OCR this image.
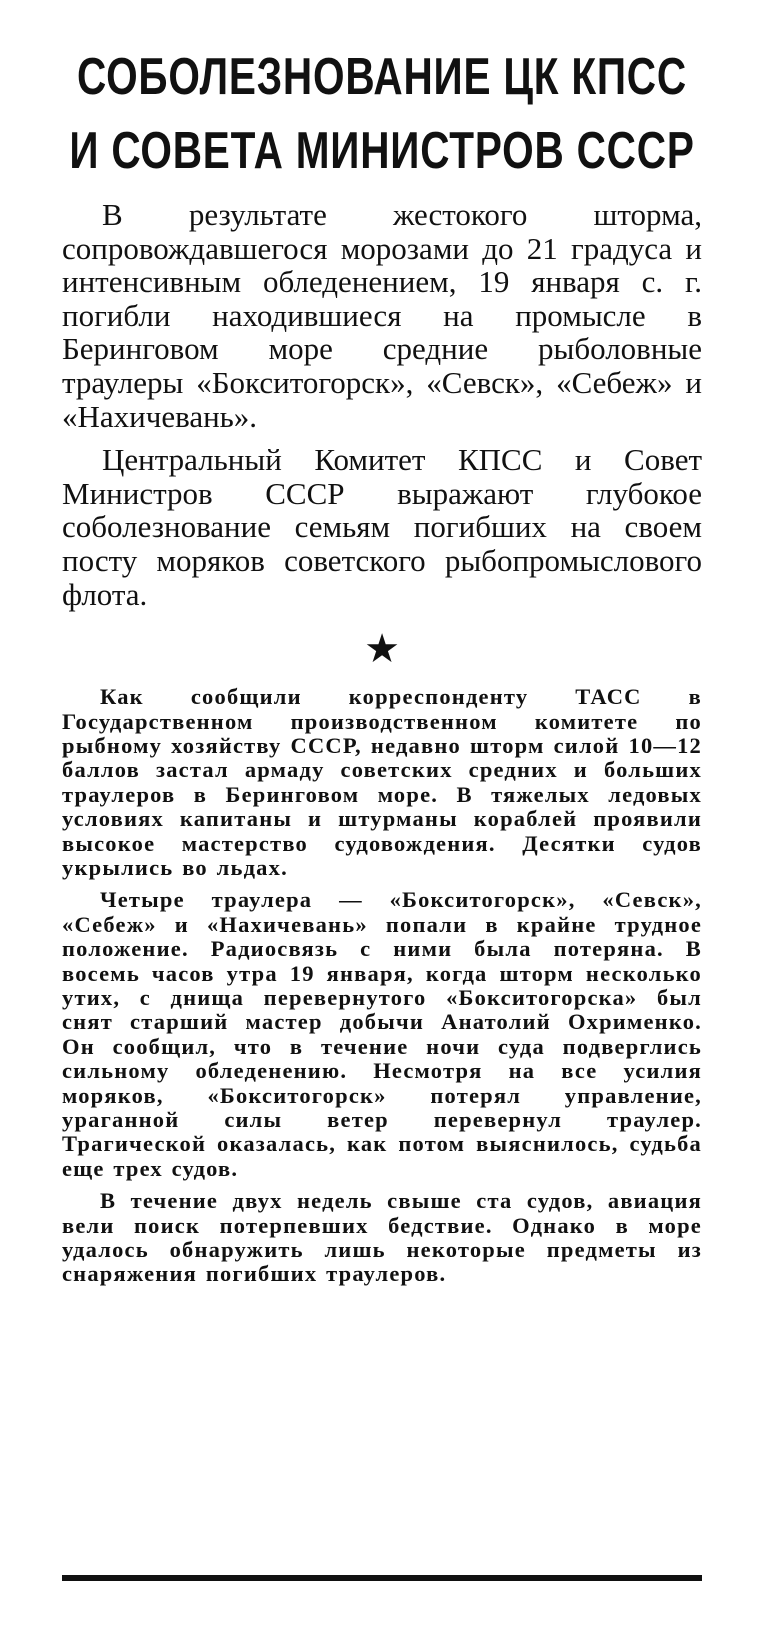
СОБОЛЕЗНОВАНИЕ ЦК КПСС
И СОВЕТА МИНИСТРОВ СССР

В результате жестокого шторма, сопровождавшегося морозами до 21 градуса и интенсивным обледенением, 19 января с. г. погибли находившиеся на промысле в Беринговом море средние рыболовные траулеры «Бокситогорск», «Севск», «Себеж» и «Нахичевань».

Центральный Комитет КПСС и Совет Министров СССР выражают глубокое соболезнование семьям погибших на своем посту моряков советского рыбопромыслового флота.

★

Как сообщили корреспонденту ТАСС в Государственном производственном комитете по рыбному хозяйству СССР, недавно шторм силой 10—12 баллов застал армаду советских средних и больших траулеров в Беринговом море. В тяжелых ледовых условиях капитаны и штурманы кораблей проявили высокое мастерство судовождения. Десятки судов укрылись во льдах.

Четыре траулера — «Бокситогорск», «Севск», «Себеж» и «Нахичевань» попали в крайне трудное положение. Радиосвязь с ними была потеряна. В восемь часов утра 19 января, когда шторм несколько утих, с днища перевернутого «Бокситогорска» был снят старший мастер добычи Анатолий Охрименко. Он сообщил, что в течение ночи суда подверглись сильному обледенению. Несмотря на все усилия моряков, «Бокситогорск» потерял управление, ураганной силы ветер перевернул траулер. Трагической оказалась, как потом выяснилось, судьба еще трех судов.

В течение двух недель свыше ста судов, авиация вели поиск потерпевших бедствие. Однако в море удалось обнаружить лишь некоторые предметы из снаряжения погибших траулеров.
